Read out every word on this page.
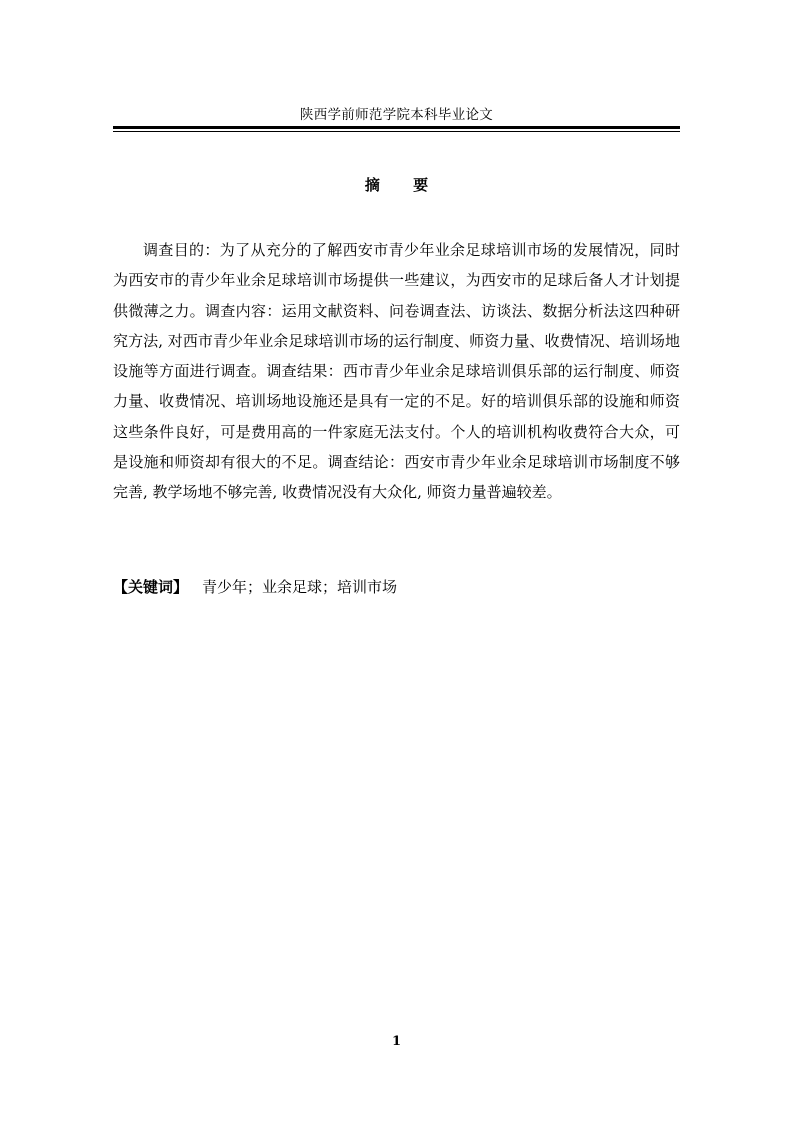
陕西学前师范学院本科毕业论文
摘 要

调查目的：为了从充分的了解西安市青少年业余足球培训市场的发展情况，同时为西安市的青少年业余足球培训市场提供一些建议，为西安市的足球后备人才计划提供微薄之力。调查内容：运用文献资料、问卷调查法、访谈法、数据分析法这四种研究方法, 对西市青少年业余足球培训市场的运行制度、师资力量、收费情况、培训场地设施等方面进行调查。调查结果：西市青少年业余足球培训俱乐部的运行制度、师资力量、收费情况、培训场地设施还是具有一定的不足。好的培训俱乐部的设施和师资这些条件良好，可是费用高的一件家庭无法支付。个人的培训机构收费符合大众，可是设施和师资却有很大的不足。调查结论：西安市青少年业余足球培训市场制度不够完善, 教学场地不够完善, 收费情况没有大众化, 师资力量普遍较差。

【关键词】 青少年；业余足球；培训市场
1
